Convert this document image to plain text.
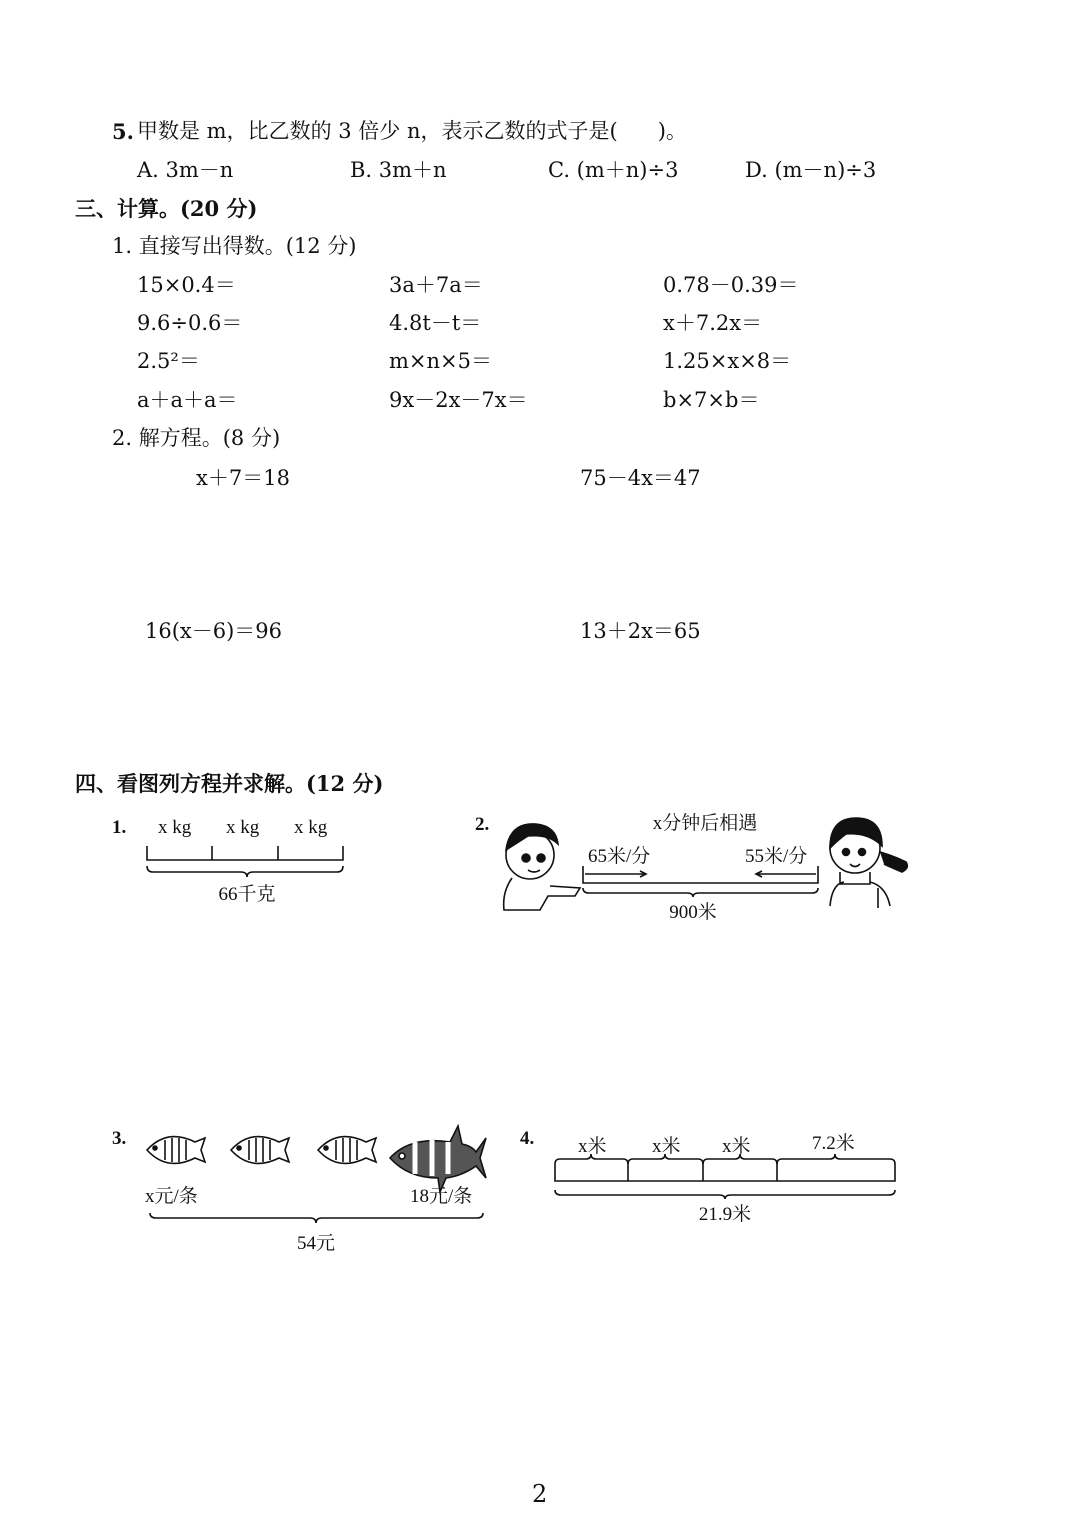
5. 甲数是 m，比乙数的 3 倍少 n，表示乙数的式子是(      )。
A. 3m－n	B. 3m＋n	C. (m＋n)÷3	D. (m－n)÷3
三、计算。(20 分)
1. 直接写出得数。(12 分)
15×0.4＝	3a＋7a＝	0.78－0.39＝
9.6÷0.6＝	4.8t－t＝	x＋7.2x＝
2.5²＝	m×n×5＝	1.25×x×8＝
a＋a＋a＝	9x－2x－7x＝	b×7×b＝
2. 解方程。(8 分)
x＋7＝18	75－4x＝47
16(x－6)＝96	13＋2x＝65
四、看图列方程并求解。(12 分)
1. x kg x kg x kg
66千克
2.	x分钟后相遇
65米/分	55米/分
900米
3.
x元/条	18元/条
54元
4. x米 x米 x米	7.2米
21.9米
2
